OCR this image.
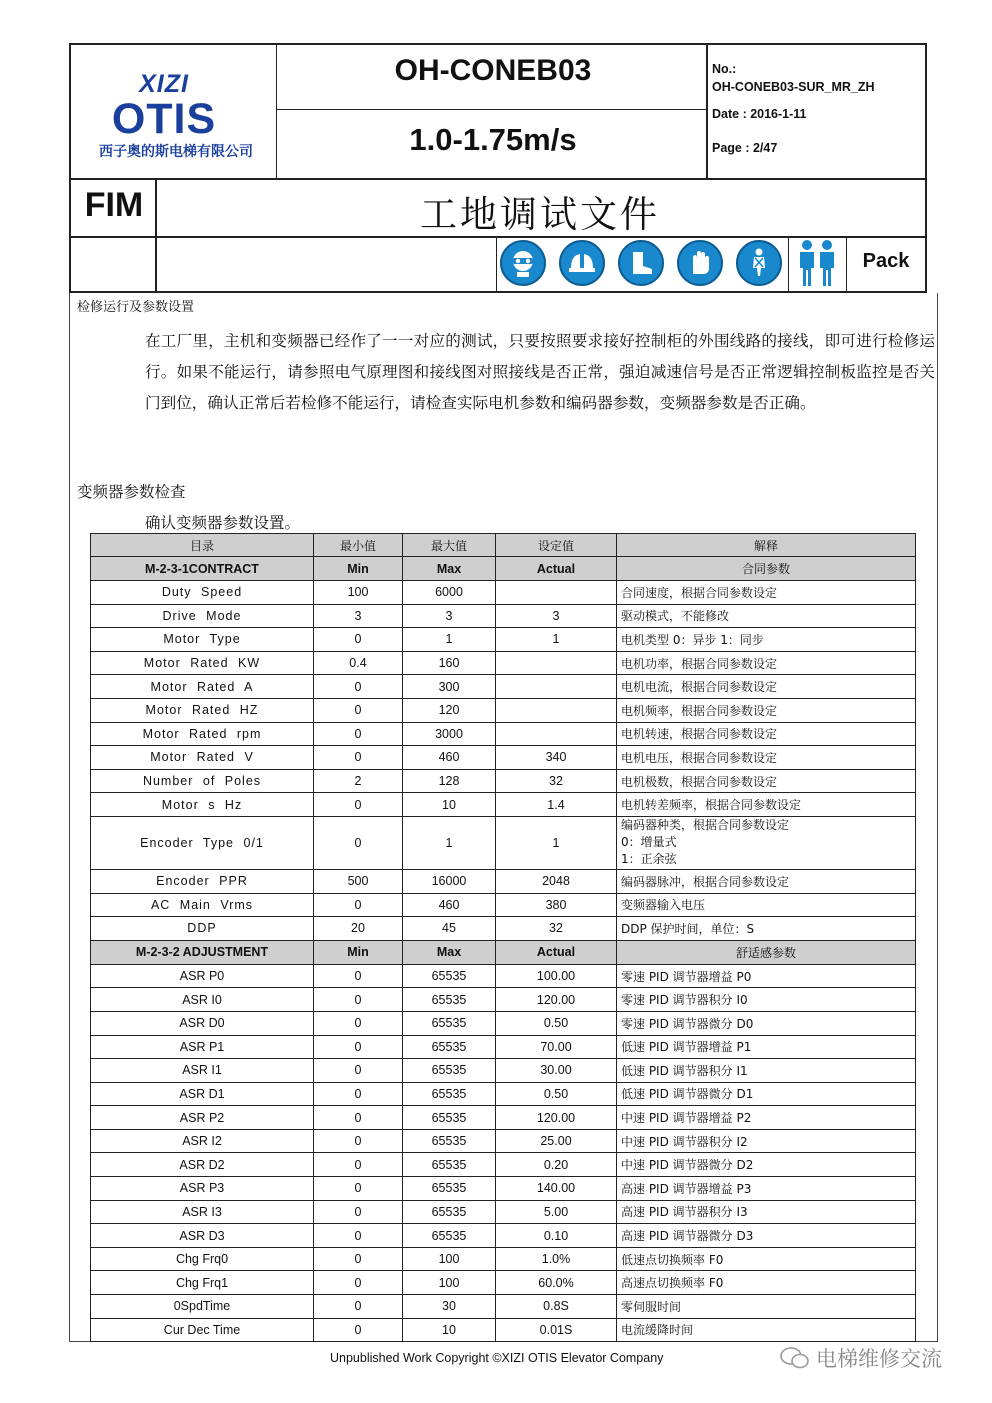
XIZI
OTIS
西子奥的斯电梯有限公司
OH-CONEB03
1.0-1.75m/s
No.:
OH-CONEB03-SUR_MR_ZH
Date : 2016-1-11
Page : 2/47
FIM	工地调试文件
Pack
检修运行及参数设置
在工厂里，主机和变频器已经作了一一对应的测试，只要按照要求接好控制柜的外围线路的接线，即可进行检修运行。如果不能运行，请参照电气原理图和接线图对照接线是否正常，强迫减速信号是否正常逻辑控制板监控是否关门到位，确认正常后若检修不能运行，请检查实际电机参数和编码器参数，变频器参数是否正确。
变频器参数检查
确认变频器参数设置。
目录	最小值	最大值	设定值	解释
M-2-3-1CONTRACT	Min	Max	Actual	合同参数
Duty Speed	100	6000		合同速度，根据合同参数设定
Drive Mode	3	3	3	驱动模式，不能修改
Motor Type	0	1	1	电机类型 0：异步 1：同步
Motor Rated KW	0.4	160		电机功率，根据合同参数设定
Motor Rated A	0	300		电机电流，根据合同参数设定
Motor Rated HZ	0	120		电机频率，根据合同参数设定
Motor Rated rpm	0	3000		电机转速，根据合同参数设定
Motor Rated V	0	460	340	电机电压，根据合同参数设定
Number of Poles	2	128	32	电机极数，根据合同参数设定
Motor s Hz	0	10	1.4	电机转差频率，根据合同参数设定
Encoder Type 0/1	0	1	1	编码器种类，根据合同参数设定
0：增量式
1：正余弦
Encoder PPR	500	16000	2048	编码器脉冲，根据合同参数设定
AC Main Vrms	0	460	380	变频器输入电压
DDP	20	45	32	DDP 保护时间，单位：S
M-2-3-2 ADJUSTMENT	Min	Max	Actual	舒适感参数
ASR P0	0	65535	100.00	零速 PID 调节器增益 P0
ASR I0	0	65535	120.00	零速 PID 调节器积分 I0
ASR D0	0	65535	0.50	零速 PID 调节器微分 D0
ASR P1	0	65535	70.00	低速 PID 调节器增益 P1
ASR I1	0	65535	30.00	低速 PID 调节器积分 I1
ASR D1	0	65535	0.50	低速 PID 调节器微分 D1
ASR P2	0	65535	120.00	中速 PID 调节器增益 P2
ASR I2	0	65535	25.00	中速 PID 调节器积分 I2
ASR D2	0	65535	0.20	中速 PID 调节器微分 D2
ASR P3	0	65535	140.00	高速 PID 调节器增益 P3
ASR I3	0	65535	5.00	高速 PID 调节器积分 I3
ASR D3	0	65535	0.10	高速 PID 调节器微分 D3
Chg Frq0	0	100	1.0%	低速点切换频率 F0
Chg Frq1	0	100	60.0%	高速点切换频率 F0
0SpdTime	0	30	0.8S	零伺服时间
Cur Dec Time	0	10	0.01S	电流缓降时间
Unpublished Work Copyright ©XIZI OTIS Elevator Company	电梯维修交流
